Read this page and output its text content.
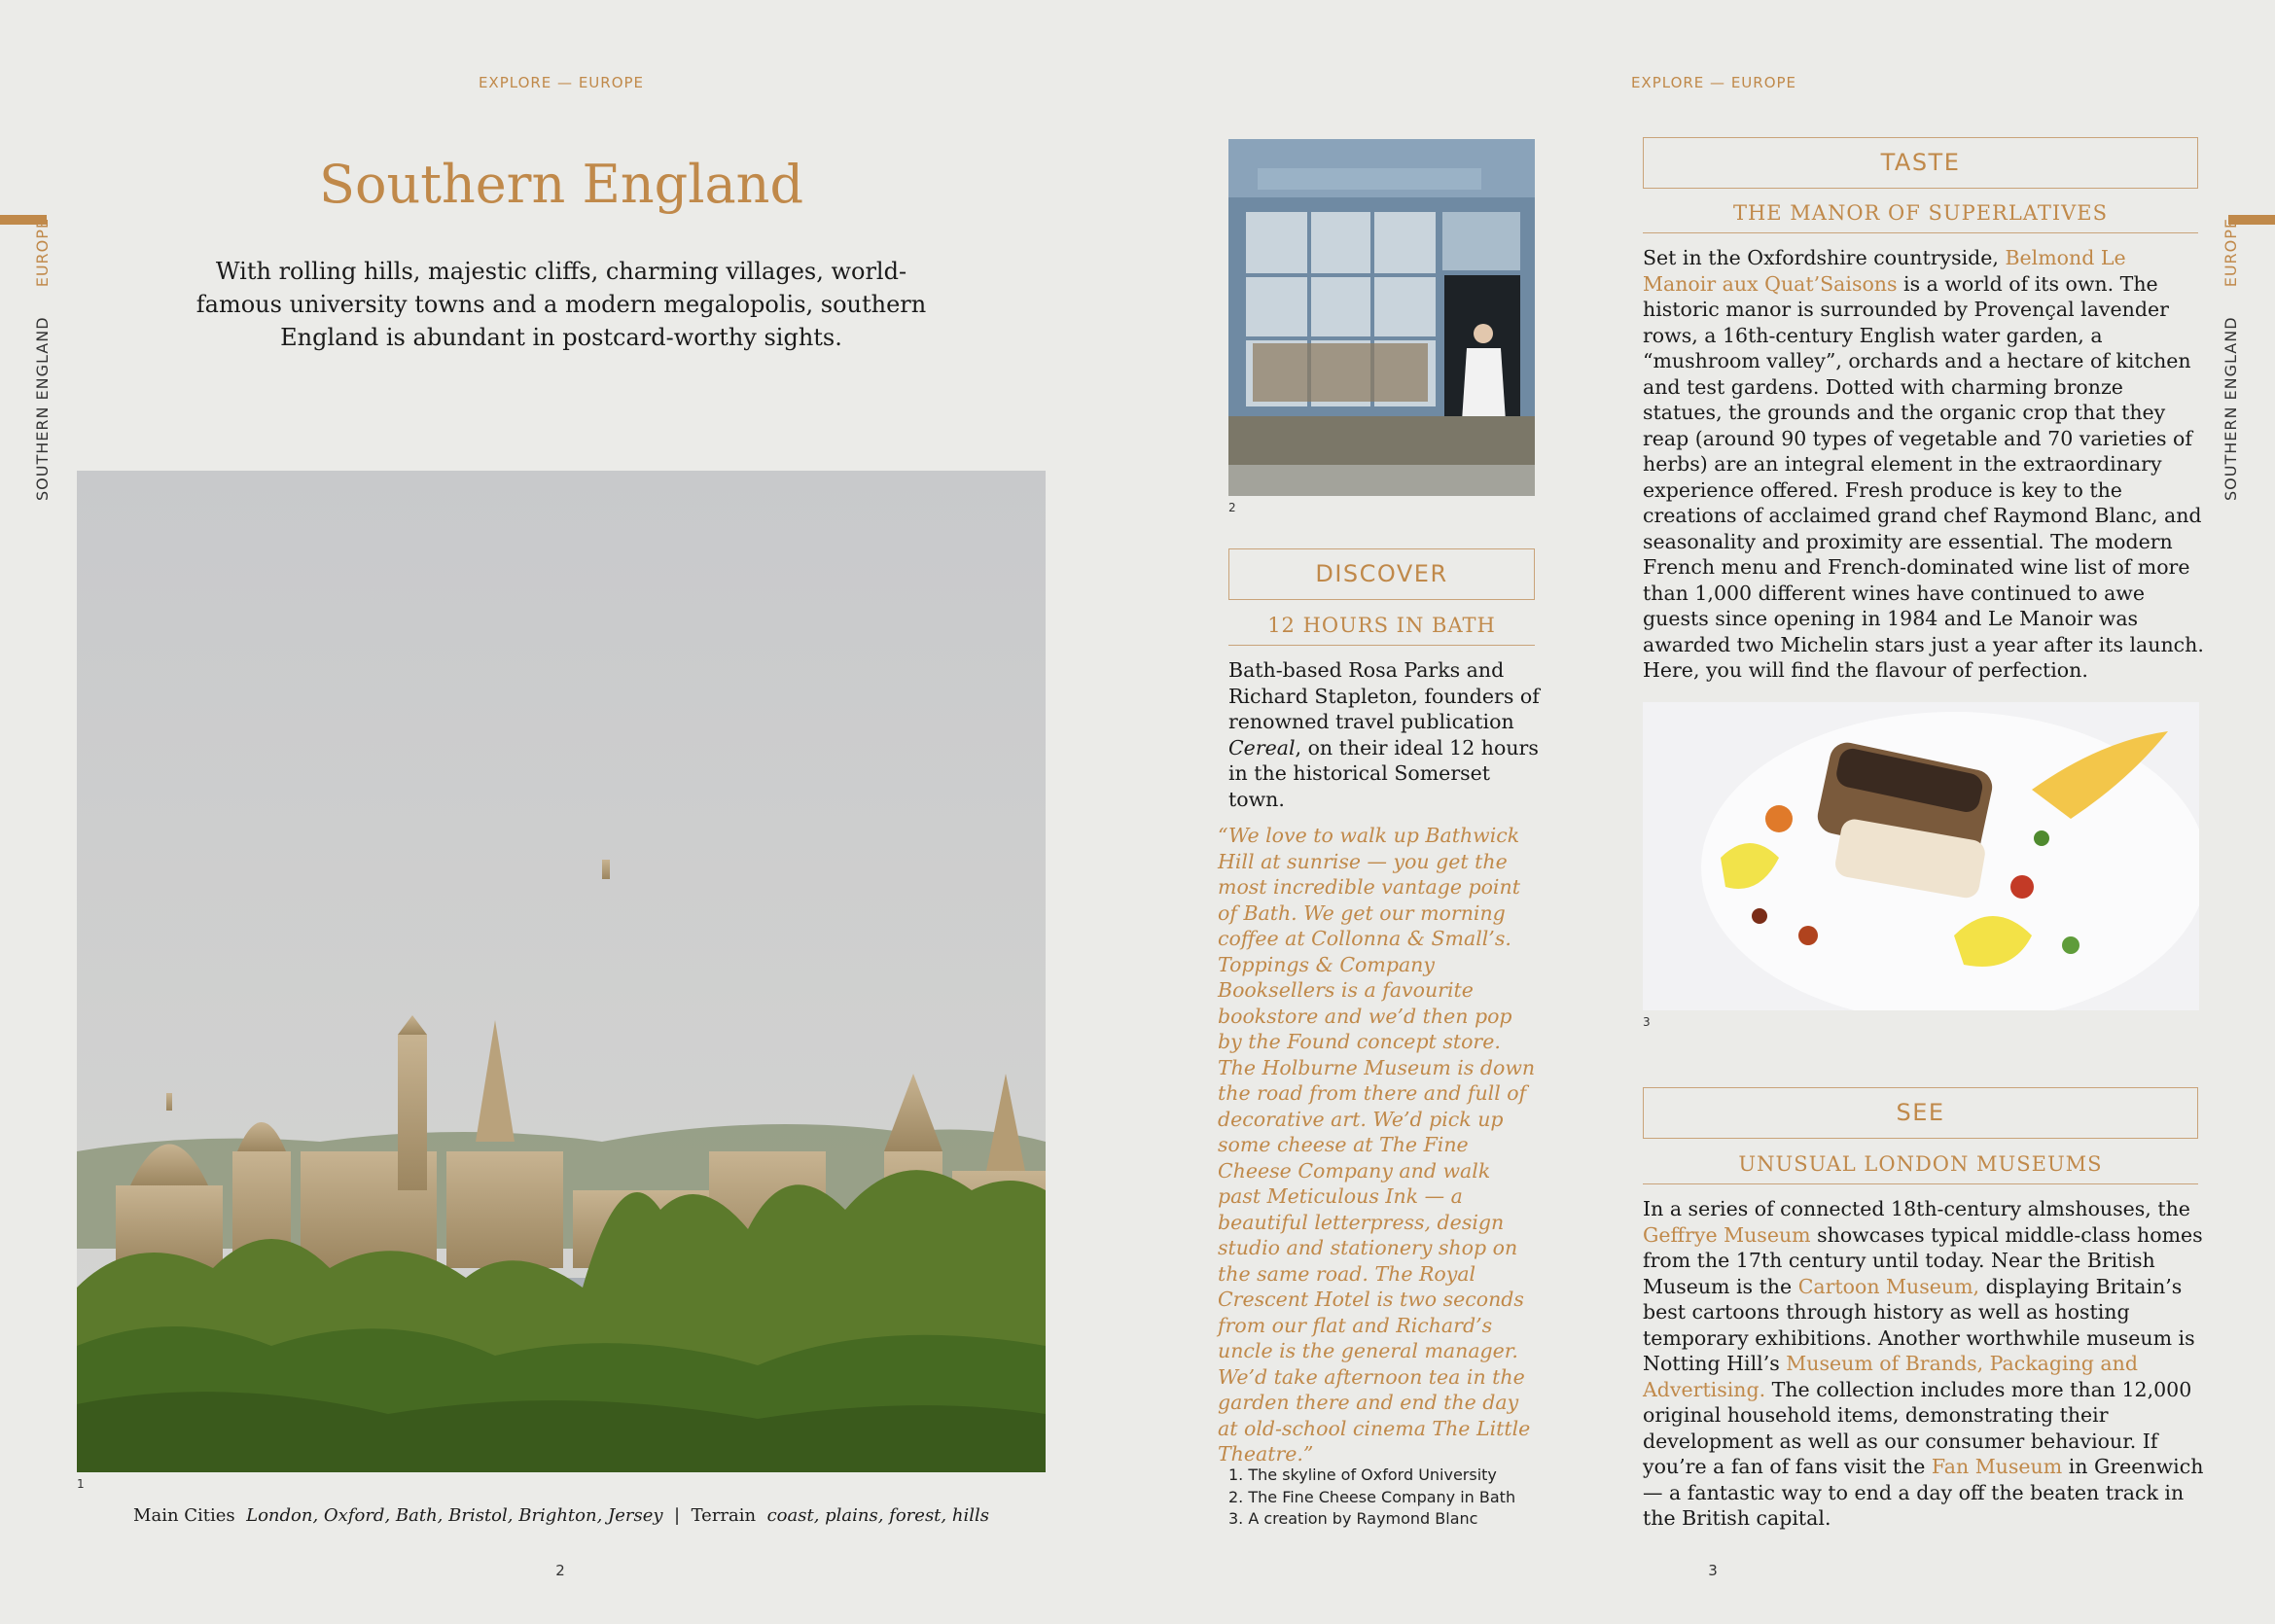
EXPLORE — EUROPE
SOUTHERN ENGLAND  EUROPE
Southern England

With rolling hills, majestic cliffs, charming villages, world-famous university towns and a modern megalopolis, southern England is abundant in postcard-worthy sights.

1
Main Cities London, Oxford, Bath, Bristol, Brighton, Jersey | Terrain coast, plains, forest, hills
2
EXPLORE — EUROPE
SOUTHERN ENGLAND  EUROPE
2
DISCOVER
12 HOURS IN BATH

Bath-based Rosa Parks and Richard Stapleton, founders of renowned travel publication Cereal, on their ideal 12 hours in the historical Somerset town.

“We love to walk up Bathwick Hill at sunrise — you get the most incredible vantage point of Bath. We get our morning coffee at Collonna & Small’s. Toppings & Company Booksellers is a favourite bookstore and we’d then pop by the Found concept store. The Holburne Museum is down the road from there and full of decorative art. We’d pick up some cheese at The Fine Cheese Company and walk past Meticulous Ink — a beautiful letterpress, design studio and stationery shop on the same road. The Royal Crescent Hotel is two seconds from our flat and Richard’s uncle is the general manager. We’d take afternoon tea in the garden there and end the day at old-school cinema The Little Theatre.”

1. The skyline of Oxford University
2. The Fine Cheese Company in Bath
3. A creation by Raymond Blanc
TASTE
THE MANOR OF SUPERLATIVES

Set in the Oxfordshire countryside, Belmond Le Manoir aux Quat’Saisons is a world of its own. The historic manor is surrounded by Provençal lavender rows, a 16th-century English water garden, a “mushroom valley”, orchards and a hectare of kitchen and test gardens. Dotted with charming bronze statues, the grounds and the organic crop that they reap (around 90 types of vegetable and 70 varieties of herbs) are an integral element in the extraordinary experience offered. Fresh produce is key to the creations of acclaimed grand chef Raymond Blanc, and seasonality and proximity are essential. The modern French menu and French-dominated wine list of more than 1,000 different wines have continued to awe guests since opening in 1984 and Le Manoir was awarded two Michelin stars just a year after its launch. Here, you will find the flavour of perfection.

3
SEE
UNUSUAL LONDON MUSEUMS

In a series of connected 18th-century almshouses, the Geffrye Museum showcases typical middle-class homes from the 17th century until today. Near the British Museum is the Cartoon Museum, displaying Britain’s best cartoons through history as well as hosting temporary exhibitions. Another worthwhile museum is Notting Hill’s Museum of Brands, Packaging and Advertising. The collection includes more than 12,000 original household items, demonstrating their development as well as our consumer behaviour. If you’re a fan of fans visit the Fan Museum in Greenwich — a fantastic way to end a day off the beaten track in the British capital.

3
